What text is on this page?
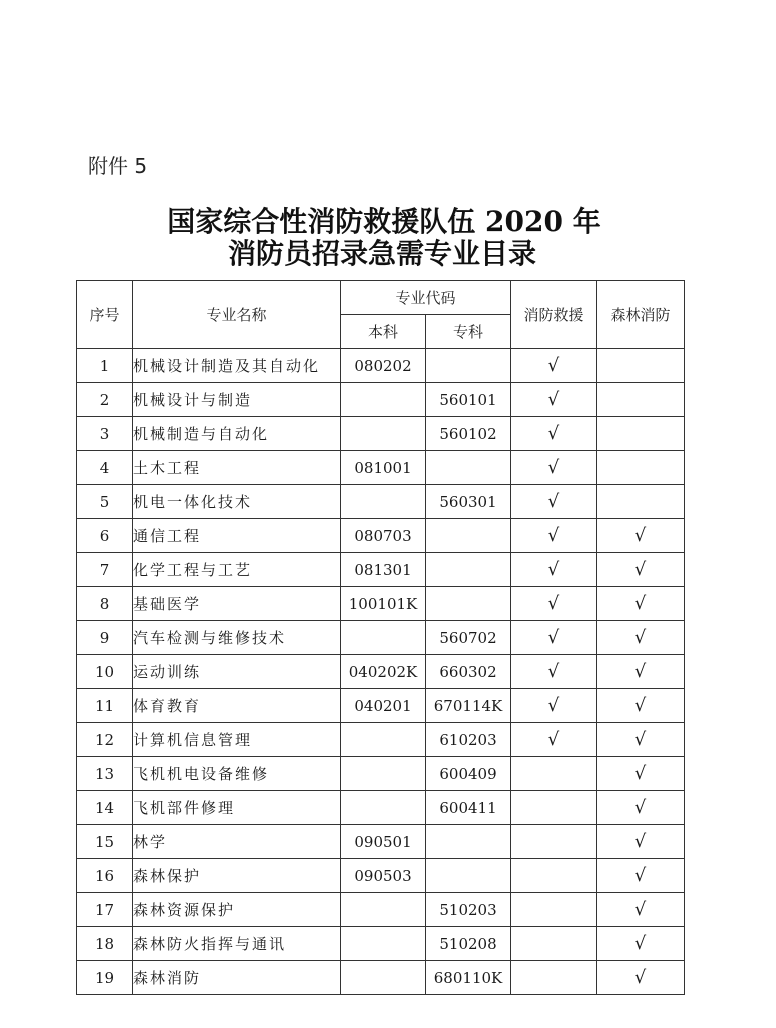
附件 5
国家综合性消防救援队伍 2020 年
消防员招录急需专业目录
序号	专业名称	专业代码		消防救援	森林消防
		本科	专科		
1	机械设计制造及其自动化	080202		√	
2	机械设计与制造		560101	√	
3	机械制造与自动化		560102	√	
4	土木工程	081001		√	
5	机电一体化技术		560301	√	
6	通信工程	080703		√	√
7	化学工程与工艺	081301		√	√
8	基础医学	100101K		√	√
9	汽车检测与维修技术		560702	√	√
10	运动训练	040202K	660302	√	√
11	体育教育	040201	670114K	√	√
12	计算机信息管理		610203	√	√
13	飞机机电设备维修		600409		√
14	飞机部件修理		600411		√
15	林学	090501			√
16	森林保护	090503			√
17	森林资源保护		510203		√
18	森林防火指挥与通讯		510208		√
19	森林消防		680110K		√
